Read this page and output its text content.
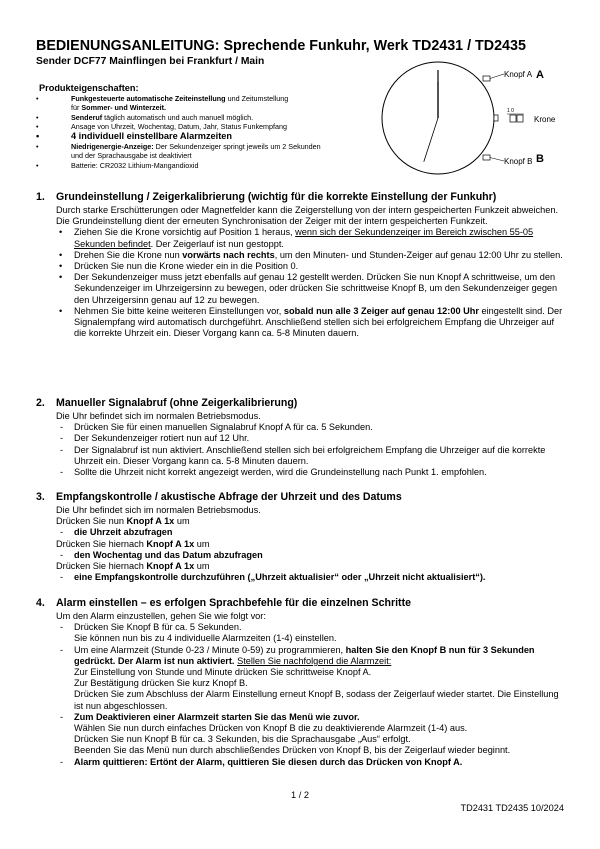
BEDIENUNGSANLEITUNG: Sprechende Funkuhr, Werk TD2431 / TD2435
Sender DCF77 Mainflingen bei Frankfurt / Main
Produkteigenschaften:
• Funkgesteuerte automatische Zeiteinstellung und Zeitumstellung
für Sommer- und Winterzeit.
• Senderuf täglich automatisch und auch manuell möglich.
• Ansage von Uhrzeit, Wochentag, Datum, Jahr, Status Funkempfang
• 4 individuell einstellbare Alarmzeiten
• Niedrigenergie-Anzeige: Der Sekundenzeiger springt jeweils um 2 Sekunden
und der Sprachausgabe ist deaktiviert
• Batterie: CR2032 Lithium-Mangandioxid
Knopf A A
1 0
Krone
Knopf B B
1. Grundeinstellung / Zeigerkalibrierung (wichtig für die korrekte Einstellung der Funkuhr)
Durch starke Erschütterungen oder Magnetfelder kann die Zeigerstellung von der intern gespeicherten Funkzeit abweichen. Die Grundeinstellung dient der erneuten Synchronisation der Zeiger mit der intern gespeicherten Funkzeit.
• Ziehen Sie die Krone vorsichtig auf Position 1 heraus, wenn sich der Sekundenzeiger im Bereich zwischen 55-05 Sekunden befindet. Der Zeigerlauf ist nun gestoppt.
• Drehen Sie die Krone nun vorwärts nach rechts, um den Minuten- und Stunden-Zeiger auf genau 12:00 Uhr zu stellen.
• Drücken Sie nun die Krone wieder ein in die Position 0.
• Der Sekundenzeiger muss jetzt ebenfalls auf genau 12 gestellt werden. Drücken Sie nun Knopf A schrittweise, um den Sekundenzeiger im Uhrzeigersinn zu bewegen, oder drücken Sie schrittweise Knopf B, um den Sekundenzeiger gegen den Uhrzeigersinn genau auf 12 zu bewegen.
• Nehmen Sie bitte keine weiteren Einstellungen vor, sobald nun alle 3 Zeiger auf genau 12:00 Uhr eingestellt sind. Der Signalempfang wird automatisch durchgeführt. Anschließend stellen sich bei erfolgreichem Empfang die Uhrzeiger auf die korrekte Uhrzeit ein. Dieser Vorgang kann ca. 5-8 Minuten dauern.
2. Manueller Signalabruf (ohne Zeigerkalibrierung)
Die Uhr befindet sich im normalen Betriebsmodus.
- Drücken Sie für einen manuellen Signalabruf Knopf A für ca. 5 Sekunden.
- Der Sekundenzeiger rotiert nun auf 12 Uhr.
- Der Signalabruf ist nun aktiviert. Anschließend stellen sich bei erfolgreichem Empfang die Uhrzeiger auf die korrekte Uhrzeit ein. Dieser Vorgang kann ca. 5-8 Minuten dauern.
- Sollte die Uhrzeit nicht korrekt angezeigt werden, wird die Grundeinstellung nach Punkt 1. empfohlen.
3. Empfangskontrolle / akustische Abfrage der Uhrzeit und des Datums
Die Uhr befindet sich im normalen Betriebsmodus.
Drücken Sie nun Knopf A 1x um
- die Uhrzeit abzufragen
Drücken Sie hiernach Knopf A 1x um
- den Wochentag und das Datum abzufragen
Drücken Sie hiernach Knopf A 1x um
- eine Empfangskontrolle durchzuführen („Uhrzeit aktualisier“ oder „Uhrzeit nicht aktualisiert“).
4. Alarm einstellen – es erfolgen Sprachbefehle für die einzelnen Schritte
Um den Alarm einzustellen, gehen Sie wie folgt vor:
- Drücken Sie Knopf B für ca. 5 Sekunden.
Sie können nun bis zu 4 individuelle Alarmzeiten (1-4) einstellen.
- Um eine Alarmzeit (Stunde 0-23 / Minute 0-59) zu programmieren, halten Sie den Knopf B nun für 3 Sekunden gedrückt. Der Alarm ist nun aktiviert. Stellen Sie nachfolgend die Alarmzeit:
Zur Einstellung von Stunde und Minute drücken Sie schrittweise Knopf A.
Zur Bestätigung drücken Sie kurz Knopf B.
Drücken Sie zum Abschluss der Alarm Einstellung erneut Knopf B, sodass der Zeigerlauf wieder startet. Die Einstellung ist nun abgeschlossen.
- Zum Deaktivieren einer Alarmzeit starten Sie das Menü wie zuvor.
Wählen Sie nun durch einfaches Drücken von Knopf B die zu deaktivierende Alarmzeit (1-4) aus.
Drücken Sie nun Knopf B für ca. 3 Sekunden, bis die Sprachausgabe „Aus“ erfolgt.
Beenden Sie das Menü nun durch abschließendes Drücken von Knopf B, bis der Zeigerlauf wieder beginnt.
- Alarm quittieren: Ertönt der Alarm, quittieren Sie diesen durch das Drücken von Knopf A.
1 / 2
TD2431 TD2435 10/2024
